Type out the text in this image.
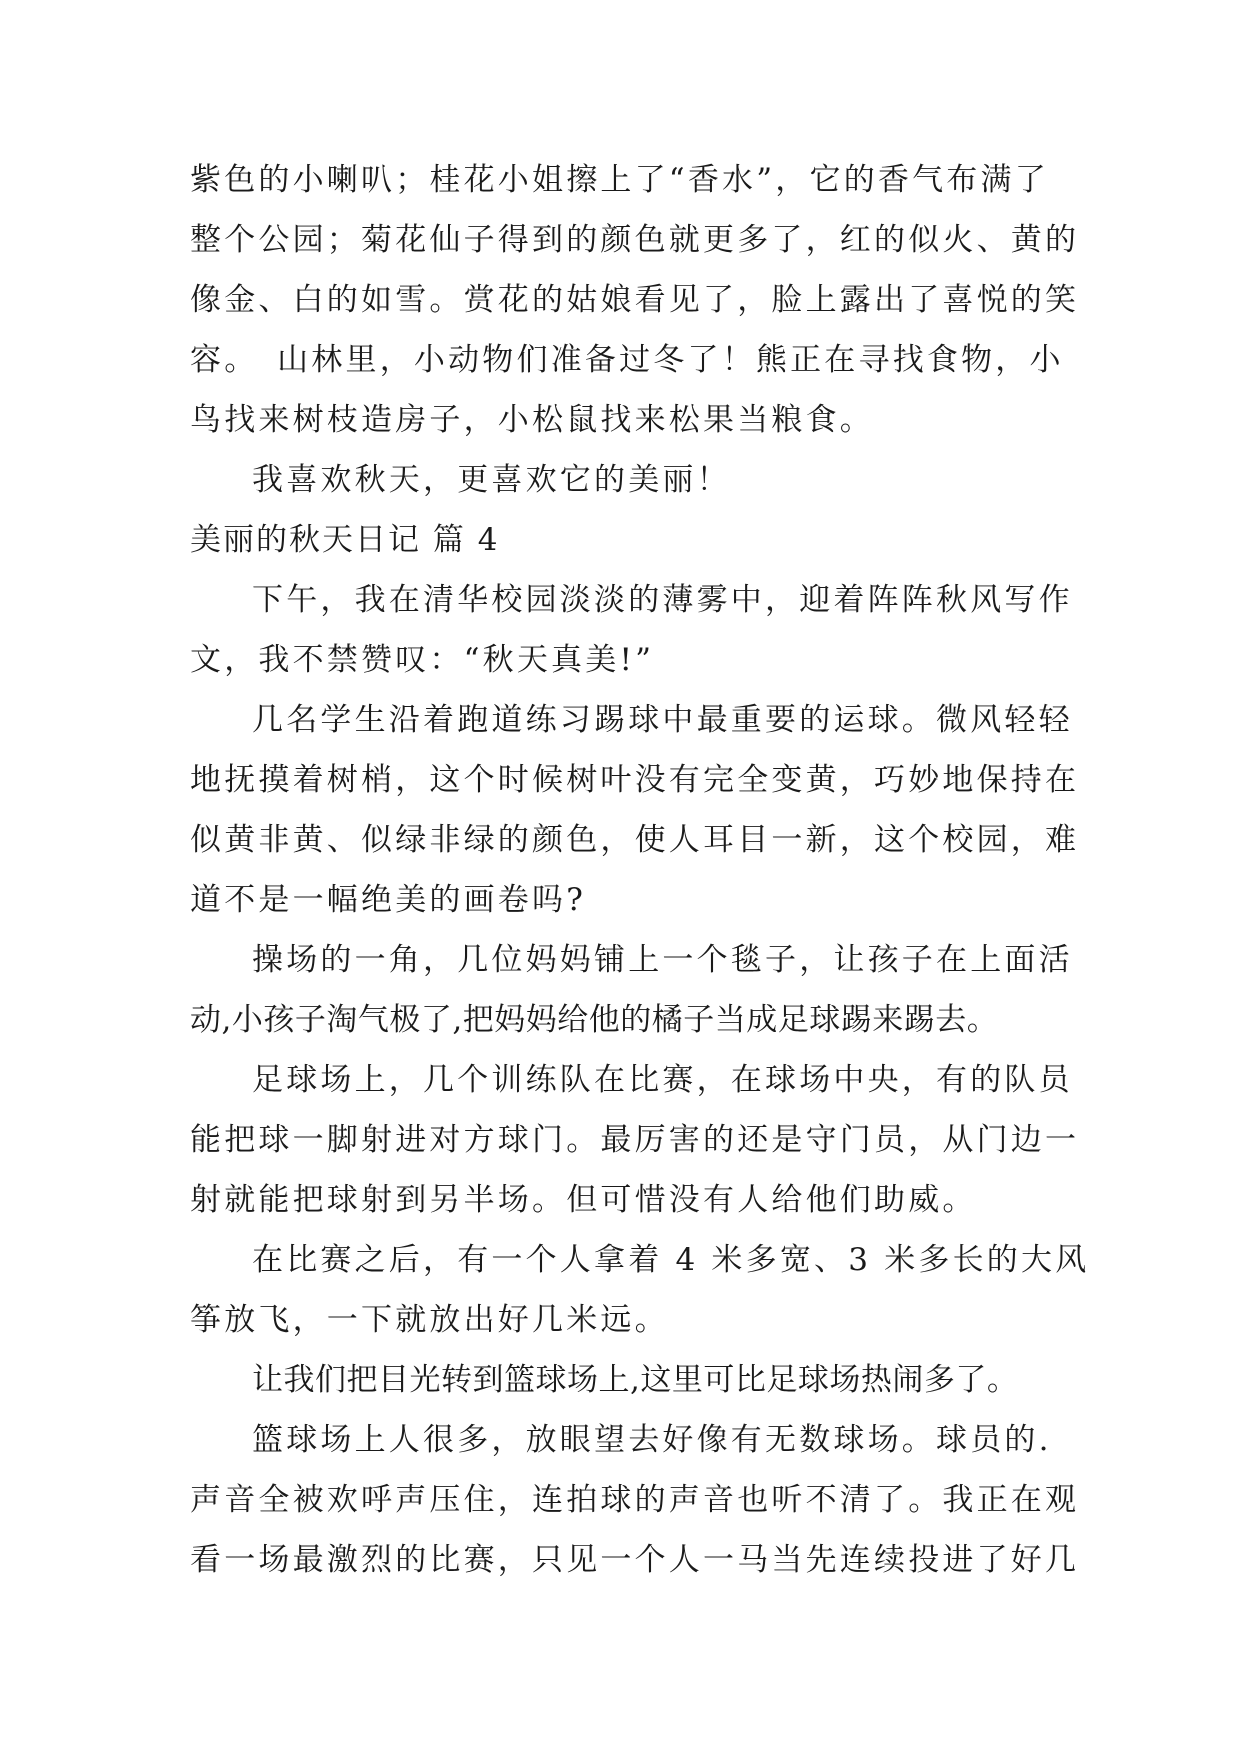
紫色的小喇叭；桂花小姐擦上了“香水”，它的香气布满了
整个公园；菊花仙子得到的颜色就更多了，红的似火、黄的
像金、白的如雪。赏花的姑娘看见了，脸上露出了喜悦的笑
容。　山林里，小动物们准备过冬了！熊正在寻找食物，小
鸟找来树枝造房子，小松鼠找来松果当粮食。
我喜欢秋天，更喜欢它的美丽！
美丽的秋天日记 篇 4
下午，我在清华校园淡淡的薄雾中，迎着阵阵秋风写作
文，我不禁赞叹：“秋天真美!”
几名学生沿着跑道练习踢球中最重要的运球。微风轻轻
地抚摸着树梢，这个时候树叶没有完全变黄，巧妙地保持在
似黄非黄、似绿非绿的颜色，使人耳目一新，这个校园，难
道不是一幅绝美的画卷吗?
操场的一角，几位妈妈铺上一个毯子，让孩子在上面活
动,小孩子淘气极了,把妈妈给他的橘子当成足球踢来踢去。
足球场上，几个训练队在比赛，在球场中央，有的队员
能把球一脚射进对方球门。最厉害的还是守门员，从门边一
射就能把球射到另半场。但可惜没有人给他们助威。
在比赛之后，有一个人拿着 4 米多宽、3 米多长的大风
筝放飞，一下就放出好几米远。
让我们把目光转到篮球场上,这里可比足球场热闹多了。
篮球场上人很多，放眼望去好像有无数球场。球员的.
声音全被欢呼声压住，连拍球的声音也听不清了。我正在观
看一场最激烈的比赛，只见一个人一马当先连续投进了好几
